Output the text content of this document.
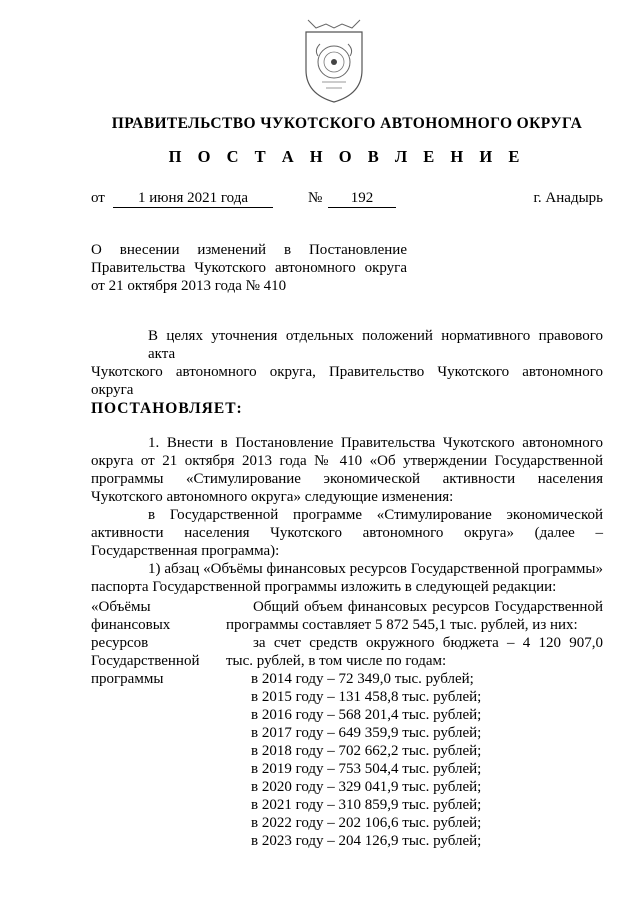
ПРАВИТЕЛЬСТВО ЧУКОТСКОГО АВТОНОМНОГО ОКРУГА
П О С Т А Н О В Л Е Н И Е
от	1 июня 2021 года	№	192	г. Анадырь
О внесении изменений в Постановление
Правительства Чукотского автономного округа
от 21 октября 2013 года № 410
В целях уточнения отдельных положений нормативного правового акта
Чукотского автономного округа, Правительство Чукотского автономного
округа
ПОСТАНОВЛЯЕТ:
1. Внести в Постановление Правительства Чукотского автономного
округа от 21 октября 2013 года № 410 «Об утверждении Государственной
программы «Стимулирование экономической активности населения
Чукотского автономного округа» следующие изменения:
в Государственной программе «Стимулирование экономической
активности населения Чукотского автономного округа» (далее –
Государственная программа):
1) абзац «Объёмы финансовых ресурсов Государственной программы»
паспорта Государственной программы изложить в следующей редакции:
«Объёмы
финансовых
ресурсов
Государственной
программы
Общий объем финансовых ресурсов Государственной
программы составляет 5 872 545,1 тыс. рублей, из них:
за счет средств окружного бюджета – 4 120 907,0
тыс. рублей, в том числе по годам:
в 2014 году – 72 349,0 тыс. рублей;
в 2015 году – 131 458,8 тыс. рублей;
в 2016 году – 568 201,4 тыс. рублей;
в 2017 году – 649 359,9 тыс. рублей;
в 2018 году – 702 662,2 тыс. рублей;
в 2019 году – 753 504,4 тыс. рублей;
в 2020 году – 329 041,9 тыс. рублей;
в 2021 году – 310 859,9 тыс. рублей;
в 2022 году – 202 106,6 тыс. рублей;
в 2023 году – 204 126,9 тыс. рублей;
